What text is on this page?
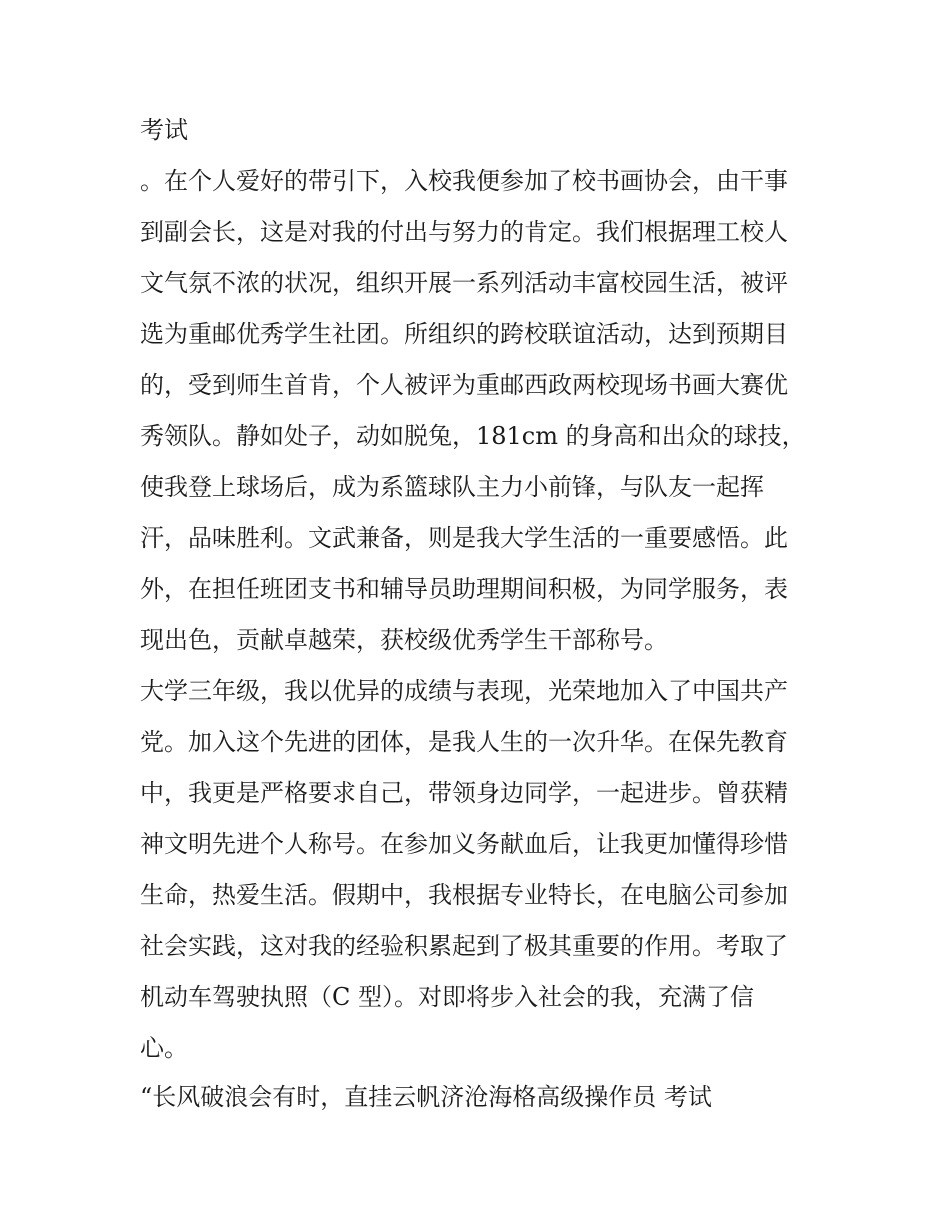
考试
。在个人爱好的带引下，入校我便参加了校书画协会，由干事
到副会长，这是对我的付出与努力的肯定。我们根据理工校人
文气氛不浓的状况，组织开展一系列活动丰富校园生活，被评
选为重邮优秀学生社团。所组织的跨校联谊活动，达到预期目
的，受到师生首肯，个人被评为重邮西政两校现场书画大赛优
秀领队。静如处子，动如脱兔，181cm 的身高和出众的球技，
使我登上球场后，成为系篮球队主力小前锋，与队友一起挥
汗，品味胜利。文武兼备，则是我大学生活的一重要感悟。此
外，在担任班团支书和辅导员助理期间积极，为同学服务，表
现出色，贡献卓越荣，获校级优秀学生干部称号。
大学三年级，我以优异的成绩与表现，光荣地加入了中国共产
党。加入这个先进的团体，是我人生的一次升华。在保先教育
中，我更是严格要求自己，带领身边同学，一起进步。曾获精
神文明先进个人称号。在参加义务献血后，让我更加懂得珍惜
生命，热爱生活。假期中，我根据专业特长，在电脑公司参加
社会实践，这对我的经验积累起到了极其重要的作用。考取了
机动车驾驶执照（C 型）。对即将步入社会的我，充满了信
心。
“长风破浪会有时，直挂云帆济沧海格高级操作员 考试
